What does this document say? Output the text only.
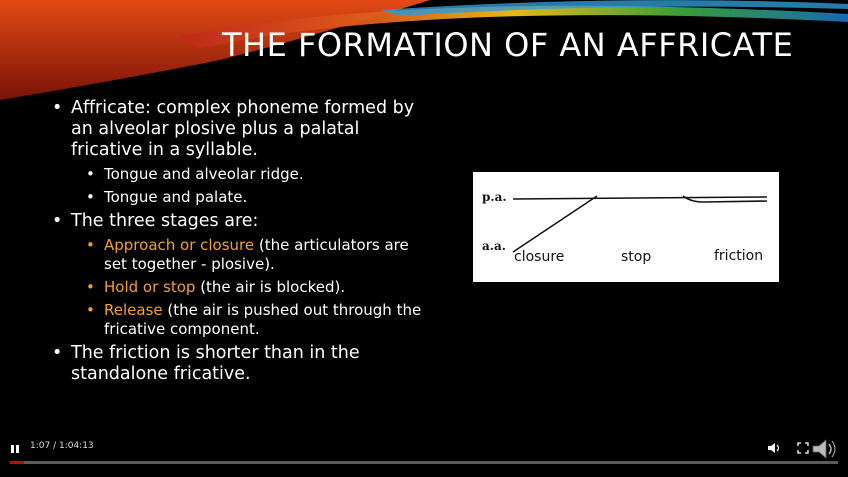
THE FORMATION OF AN AFFRICATE
• Affricate: complex phoneme formed by an alveolar plosive plus a palatal fricative in a syllable.
• Tongue and alveolar ridge.
• Tongue and palate.
• The three stages are:
• Approach or closure (the articulators are set together - plosive).
• Hold or stop (the air is blocked).
• Release (the air is pushed out through the fricative component.
• The friction is shorter than in the standalone fricative.
p.a.
a.a.
closure	stop	friction
1:07 / 1:04:13
